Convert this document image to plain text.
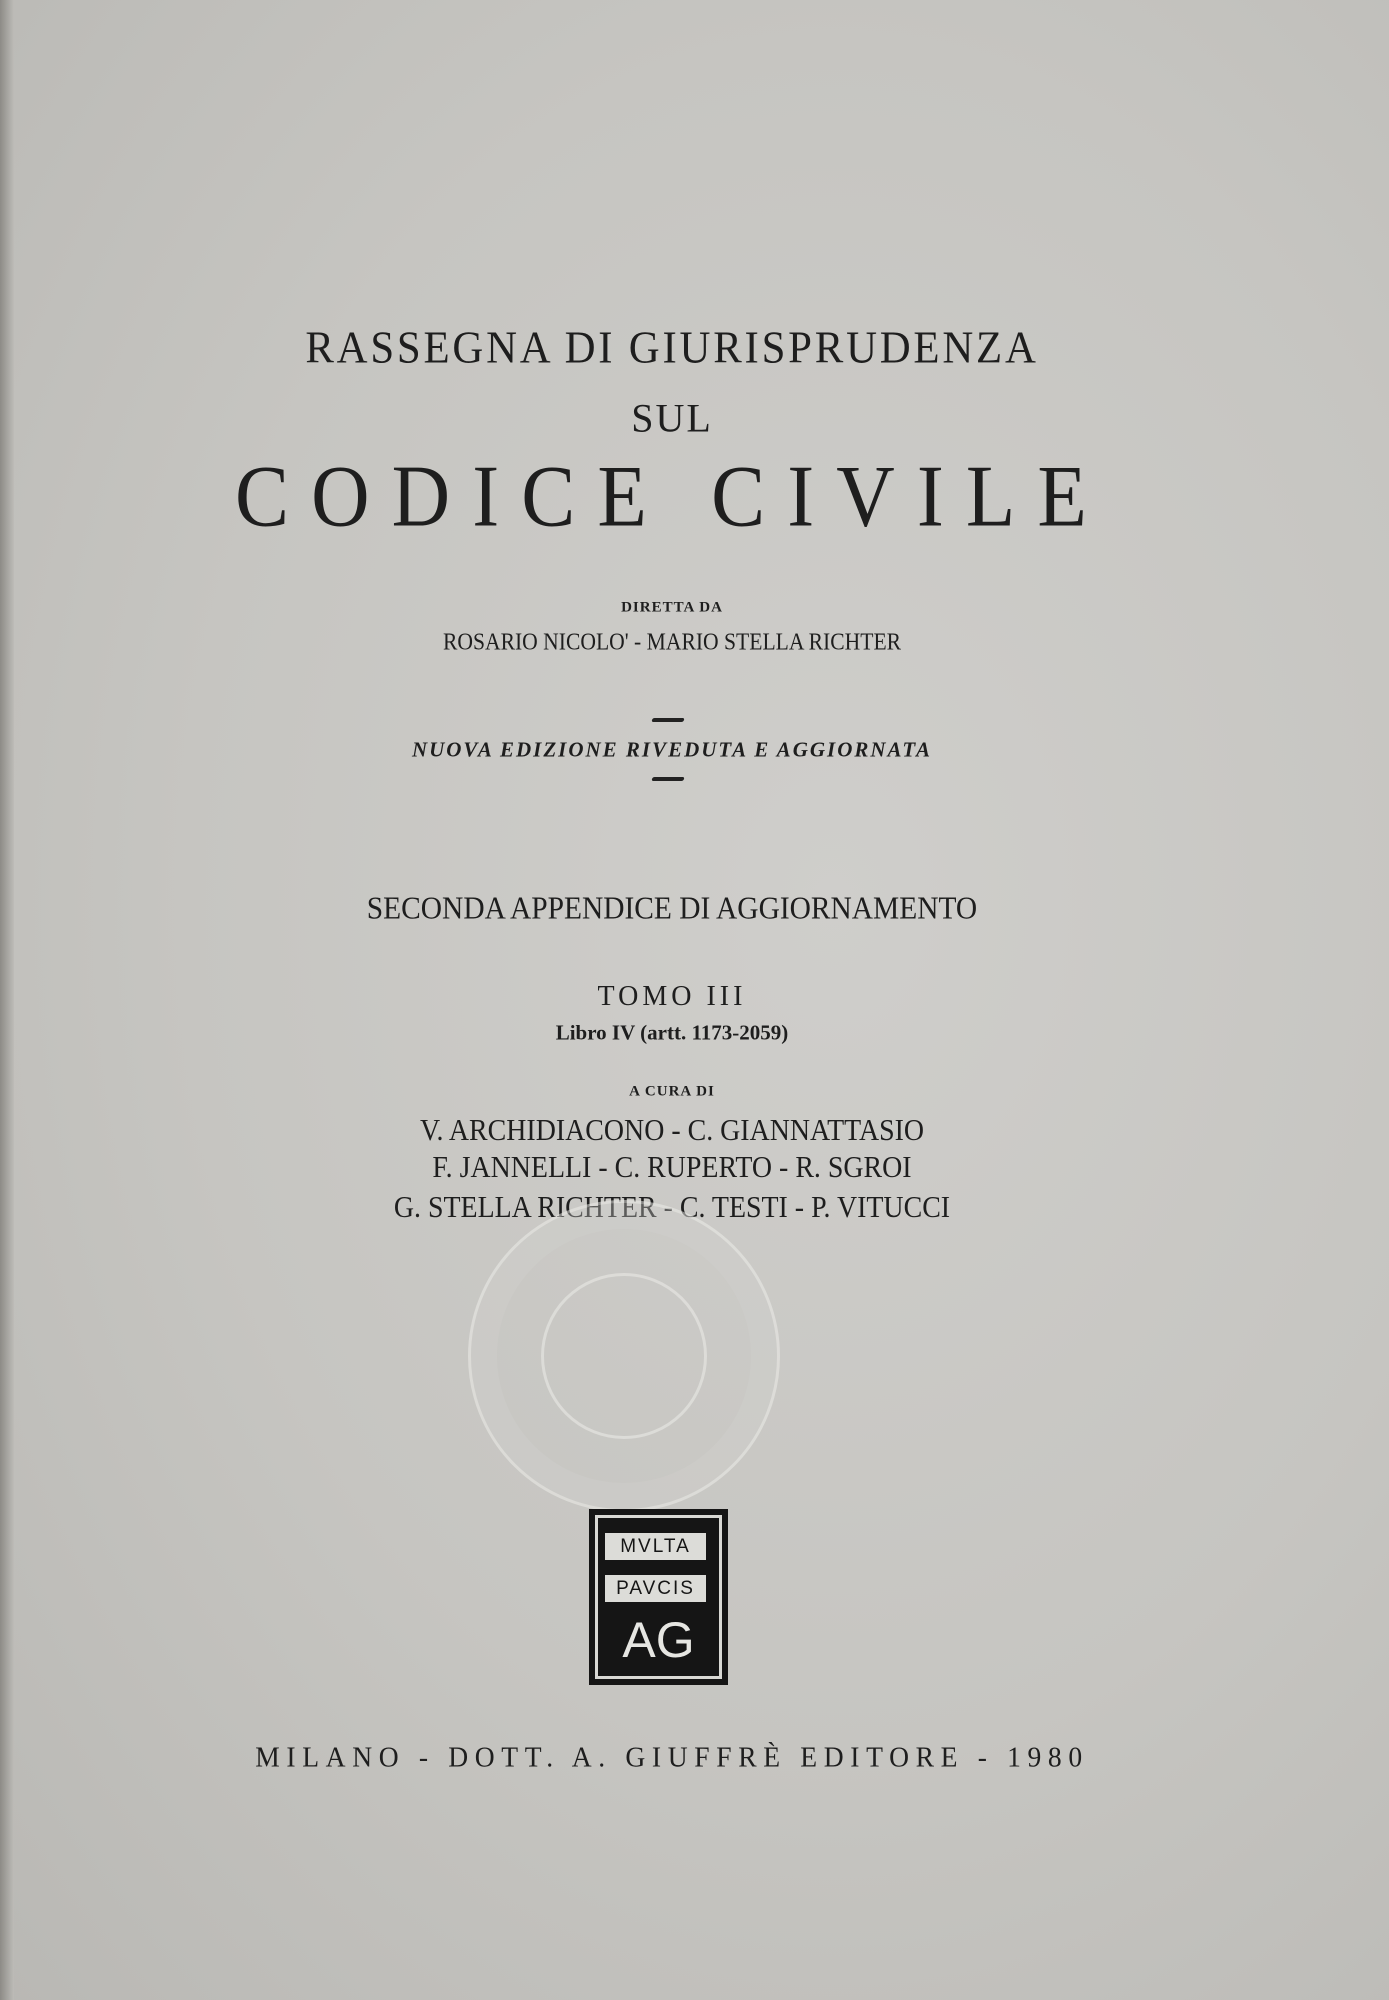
RASSEGNA DI GIURISPRUDENZA
SUL
CODICE CIVILE
DIRETTA DA
ROSARIO NICOLO' - MARIO STELLA RICHTER
NUOVA EDIZIONE RIVEDUTA E AGGIORNATA
SECONDA APPENDICE DI AGGIORNAMENTO
TOMO III
Libro IV (artt. 1173-2059)
A CURA DI
V. ARCHIDIACONO - C. GIANNATTASIO
F. JANNELLI - C. RUPERTO - R. SGROI
G. STELLA RICHTER - C. TESTI - P. VITUCCI
MVLTA
PAVCIS
AG
MILANO - DOTT. A. GIUFFRÈ EDITORE - 1980
